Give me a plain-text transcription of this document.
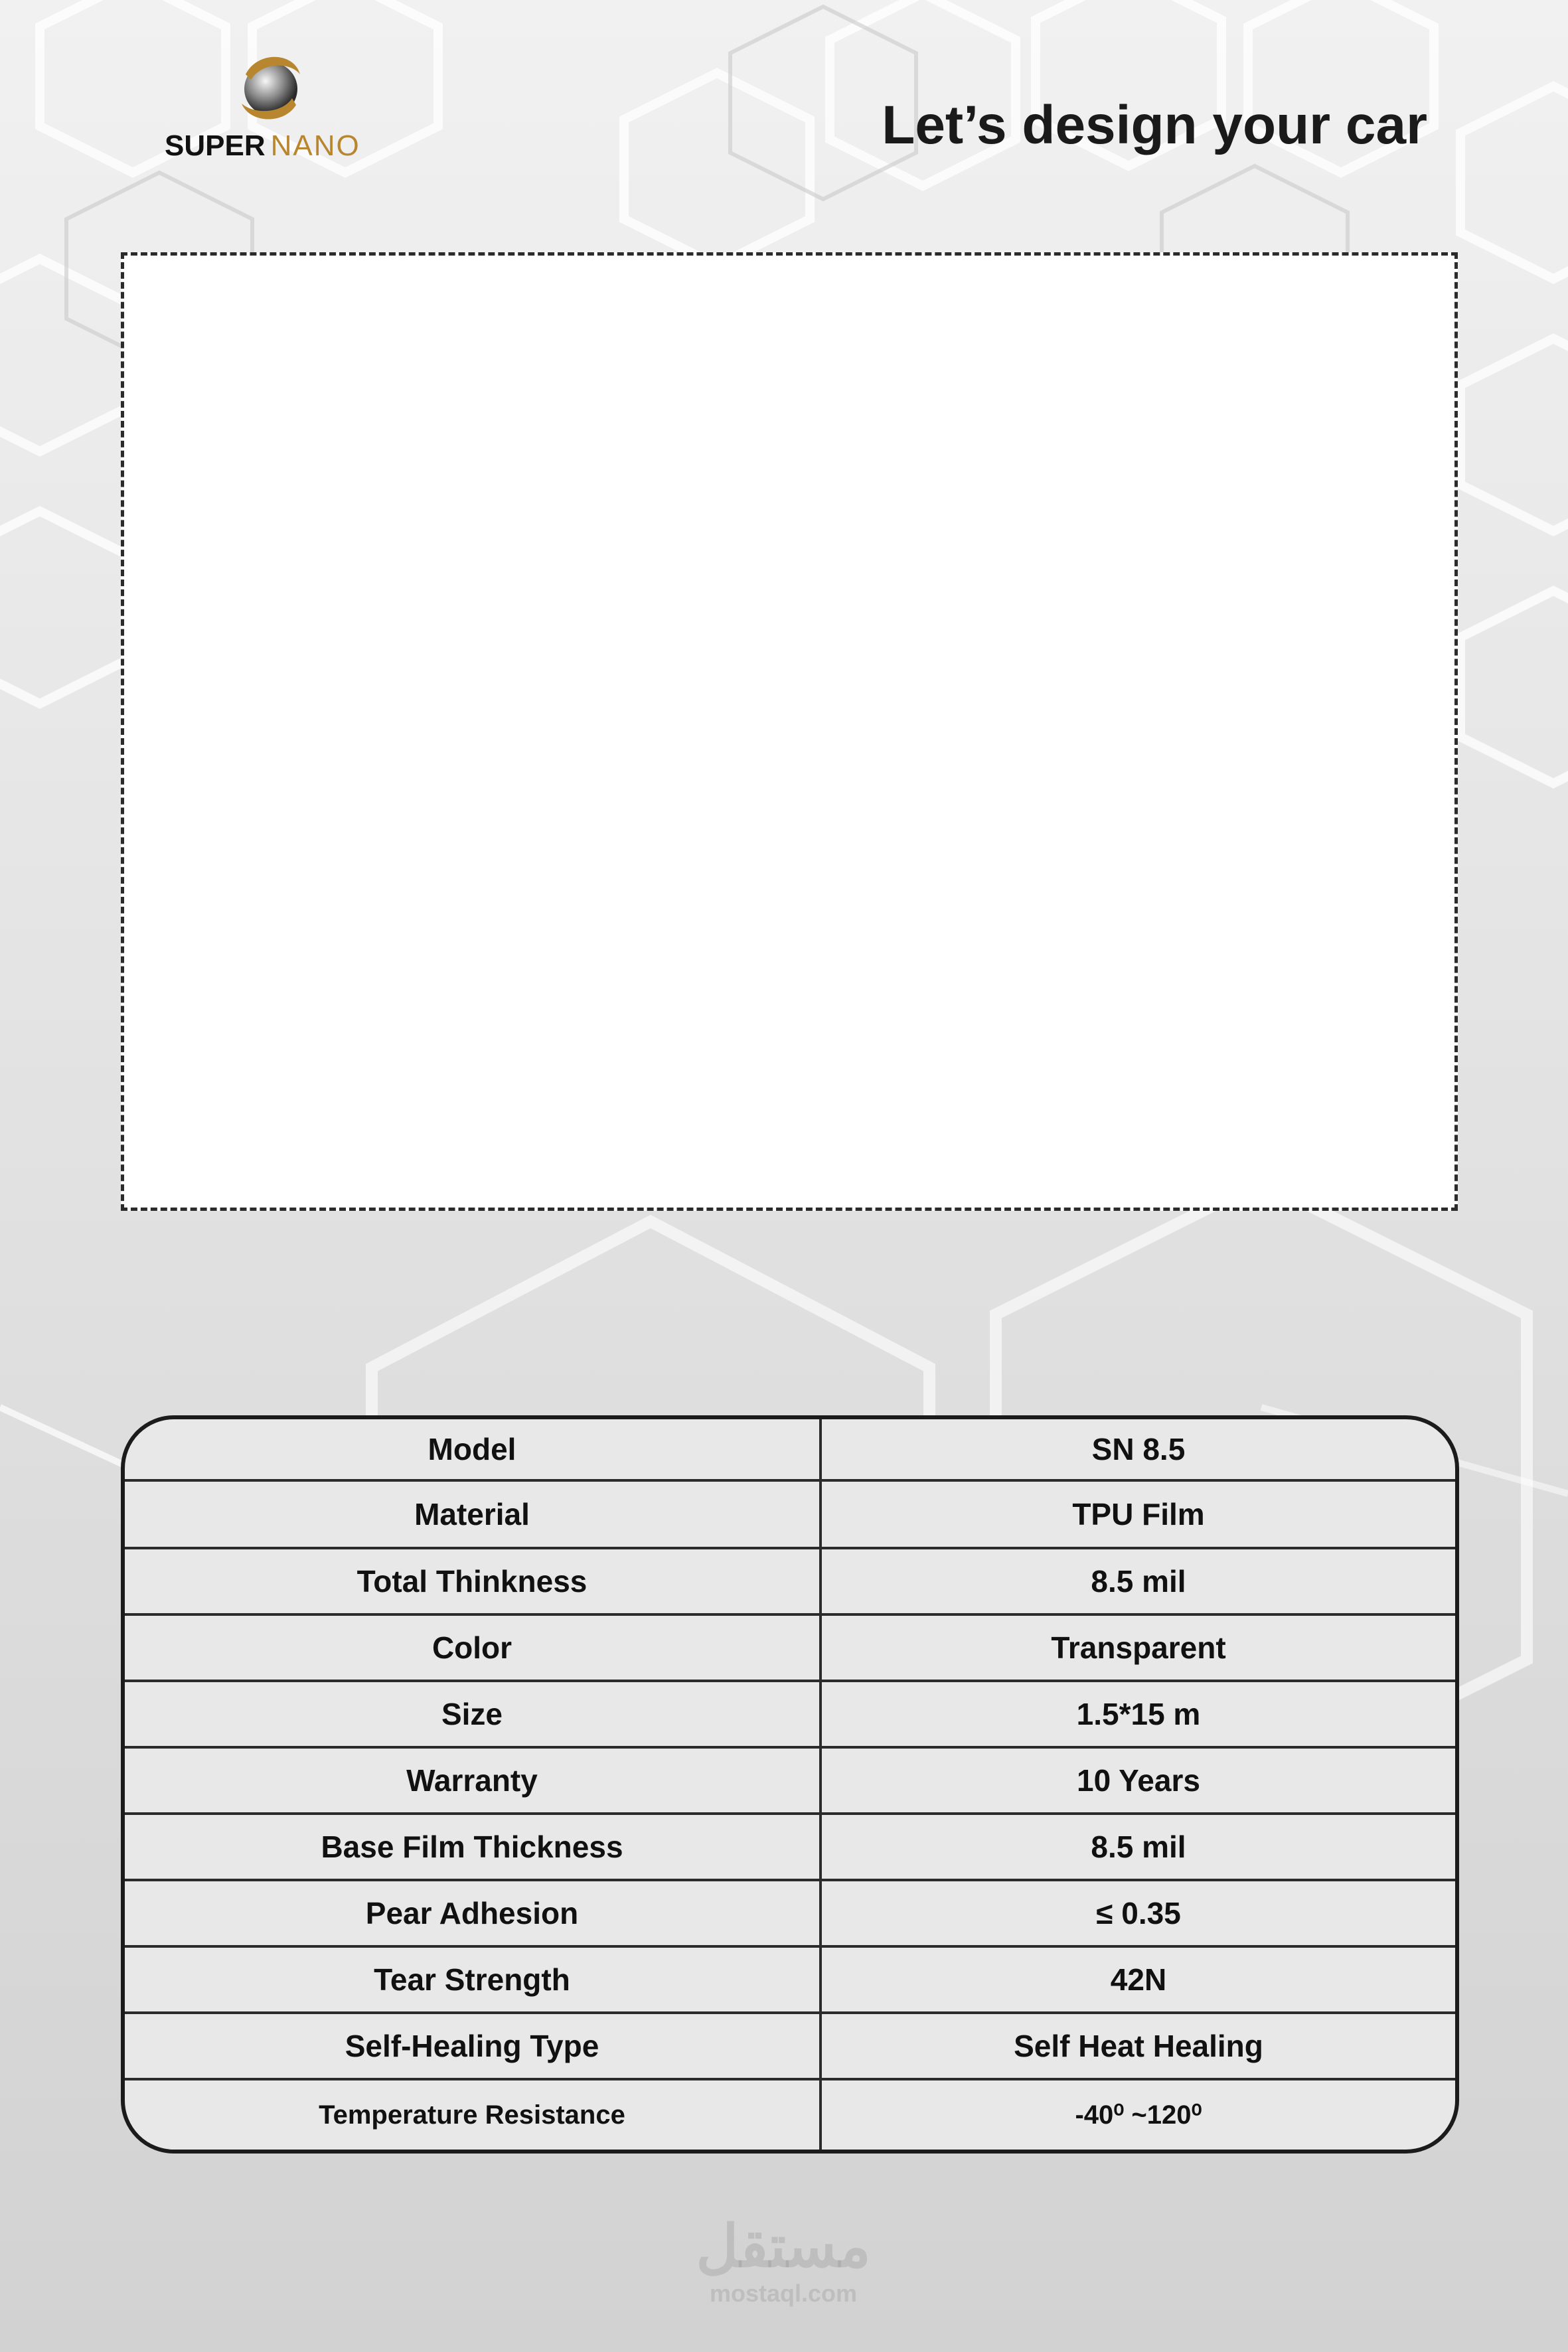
SUPER NANO	Let’s design your car
Model	SN 8.5
Material	TPU Film
Total Thinkness	8.5 mil
Color	Transparent
Size	1.5*15 m
Warranty	10 Years
Base Film Thickness	8.5 mil
Pear Adhesion	≤ 0.35
Tear Strength	42N
Self-Healing Type	Self Heat Healing
Temperature Resistance	-40⁰ ~120⁰
مستقل
mostaql.com
